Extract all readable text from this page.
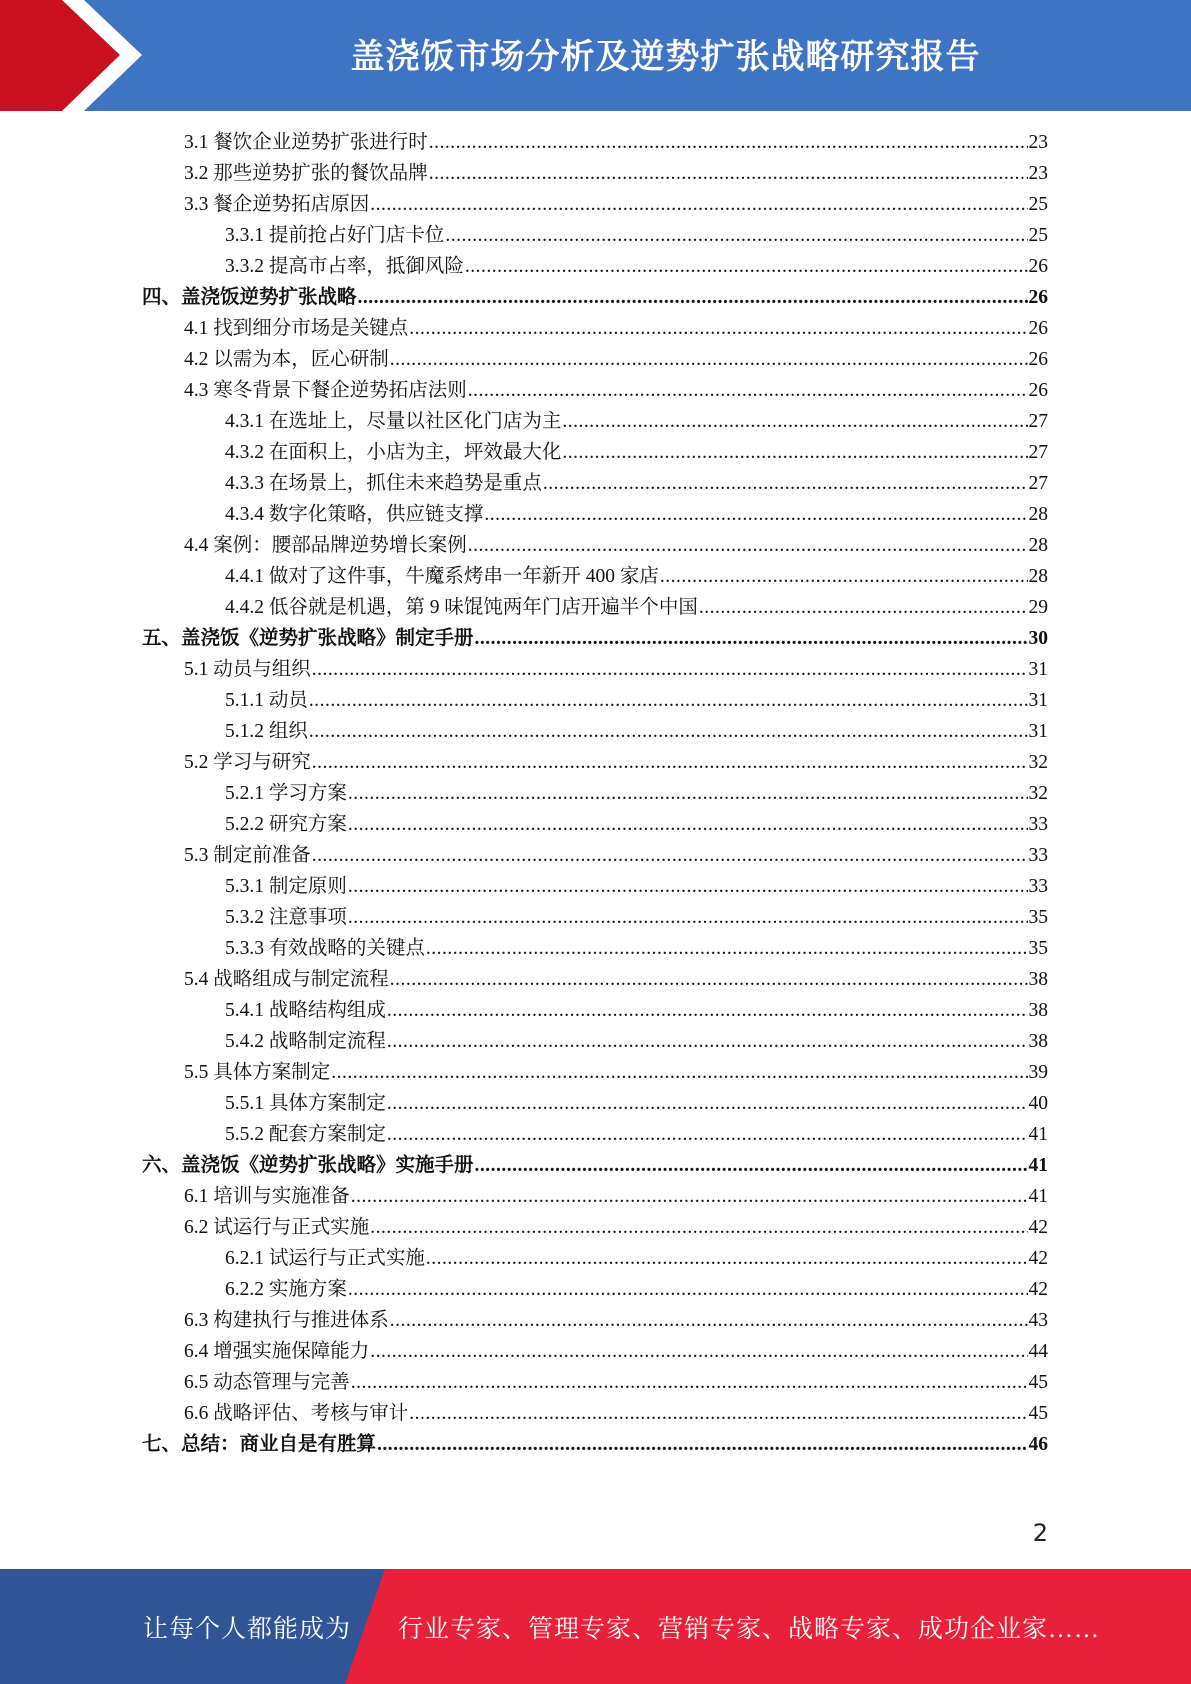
盖浇饭市场分析及逆势扩张战略研究报告
3.1 餐饮企业逆势扩张进行时 .....	23
3.2 那些逆势扩张的餐饮品牌 .....	23
3.3 餐企逆势拓店原因 .....	25
3.3.1 提前抢占好门店卡位 .....	25
3.3.2 提高市占率，抵御风险 .....	26
四、盖浇饭逆势扩张战略 .....	26
4.1 找到细分市场是关键点 .....	26
4.2 以需为本，匠心研制 .....	26
4.3 寒冬背景下餐企逆势拓店法则 .....	26
4.3.1 在选址上，尽量以社区化门店为主 .....	27
4.3.2 在面积上，小店为主，坪效最大化 .....	27
4.3.3 在场景上，抓住未来趋势是重点 .....	27
4.3.4 数字化策略，供应链支撑 .....	28
4.4 案例：腰部品牌逆势增长案例 .....	28
4.4.1 做对了这件事，牛魔系烤串一年新开 400 家店 .....	28
4.4.2 低谷就是机遇，第 9 味馄饨两年门店开遍半个中国 .....	29
五、盖浇饭《逆势扩张战略》制定手册 .....	30
5.1 动员与组织 .....	31
5.1.1 动员 .....	31
5.1.2 组织 .....	31
5.2 学习与研究 .....	32
5.2.1 学习方案 .....	32
5.2.2 研究方案 .....	33
5.3 制定前准备 .....	33
5.3.1 制定原则 .....	33
5.3.2 注意事项 .....	35
5.3.3 有效战略的关键点 .....	35
5.4 战略组成与制定流程 .....	38
5.4.1 战略结构组成 .....	38
5.4.2 战略制定流程 .....	38
5.5 具体方案制定 .....	39
5.5.1 具体方案制定 .....	40
5.5.2 配套方案制定 .....	41
六、盖浇饭《逆势扩张战略》实施手册 .....	41
6.1 培训与实施准备 .....	41
6.2 试运行与正式实施 .....	42
6.2.1 试运行与正式实施 .....	42
6.2.2 实施方案 .....	42
6.3 构建执行与推进体系 .....	43
6.4 增强实施保障能力 .....	44
6.5 动态管理与完善 .....	45
6.6 战略评估、考核与审计 .....	45
七、总结：商业自是有胜算 .....	46
2
让每个人都能成为 行业专家、管理专家、营销专家、战略专家、成功企业家……
